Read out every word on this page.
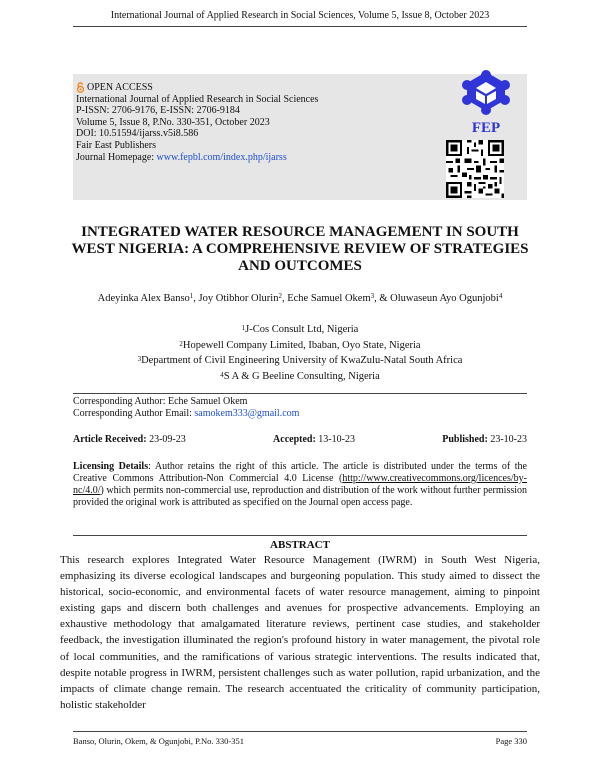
International Journal of Applied Research in Social Sciences, Volume 5, Issue 8, October 2023
OPEN ACCESS
International Journal of Applied Research in Social Sciences
P-ISSN: 2706-9176, E-ISSN: 2706-9184
Volume 5, Issue 8, P.No. 330-351, October 2023
DOI: 10.51594/ijarss.v5i8.586
Fair East Publishers
Journal Homepage: www.fepbl.com/index.php/ijarss
FEP
INTEGRATED WATER RESOURCE MANAGEMENT IN SOUTH WEST NIGERIA: A COMPREHENSIVE REVIEW OF STRATEGIES AND OUTCOMES
Adeyinka Alex Banso$^1$, Joy Otibhor Olurin$^2$, Eche Samuel Okem$^3$, & Oluwaseun Ayo Ogunjobi$^4$
$^1$J-Cos Consult Ltd, Nigeria
$^2$Hopewell Company Limited, Ibaban, Oyo State, Nigeria
$^3$Department of Civil Engineering University of KwaZulu-Natal South Africa
$^4$S A & G Beeline Consulting, Nigeria
Corresponding Author: Eche Samuel Okem
Corresponding Author Email: samokem333@gmail.com
Article Received: 23-09-23	Accepted: 13-10-23	Published: 23-10-23
Licensing Details: Author retains the right of this article. The article is distributed under the terms of the Creative Commons Attribution-Non Commercial 4.0 License (http://www.creativecommons.org/licences/by-nc/4.0/) which permits non-commercial use, reproduction and distribution of the work without further permission provided the original work is attributed as specified on the Journal open access page.
ABSTRACT
This research explores Integrated Water Resource Management (IWRM) in South West Nigeria, emphasizing its diverse ecological landscapes and burgeoning population. This study aimed to dissect the historical, socio-economic, and environmental facets of water resource management, aiming to pinpoint existing gaps and discern both challenges and avenues for prospective advancements. Employing an exhaustive methodology that amalgamated literature reviews, pertinent case studies, and stakeholder feedback, the investigation illuminated the region's profound history in water management, the pivotal role of local communities, and the ramifications of various strategic interventions. The results indicated that, despite notable progress in IWRM, persistent challenges such as water pollution, rapid urbanization, and the impacts of climate change remain. The research accentuated the criticality of community participation, holistic stakeholder
Banso, Olurin, Okem, & Ogunjobi, P.No. 330-351	Page 330
